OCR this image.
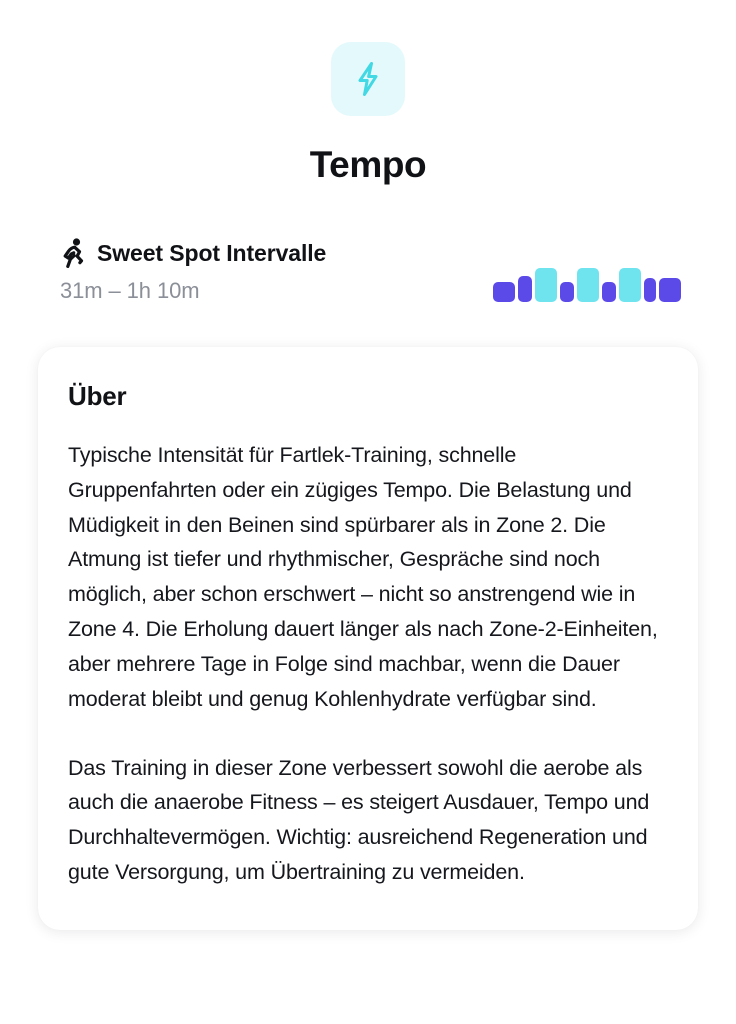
Tempo
Sweet Spot Intervalle
31m – 1h 10m
Über

Typische Intensität für Fartlek-Training, schnelle Gruppenfahrten oder ein zügiges Tempo. Die Belastung und Müdigkeit in den Beinen sind spürbarer als in Zone 2. Die Atmung ist tiefer und rhythmischer, Gespräche sind noch möglich, aber schon erschwert – nicht so anstrengend wie in Zone 4. Die Erholung dauert länger als nach Zone-2-Einheiten, aber mehrere Tage in Folge sind machbar, wenn die Dauer moderat bleibt und genug Kohlenhydrate verfügbar sind.

Das Training in dieser Zone verbessert sowohl die aerobe als auch die anaerobe Fitness – es steigert Ausdauer, Tempo und Durchhaltevermögen. Wichtig: ausreichend Regeneration und gute Versorgung, um Übertraining zu vermeiden.
